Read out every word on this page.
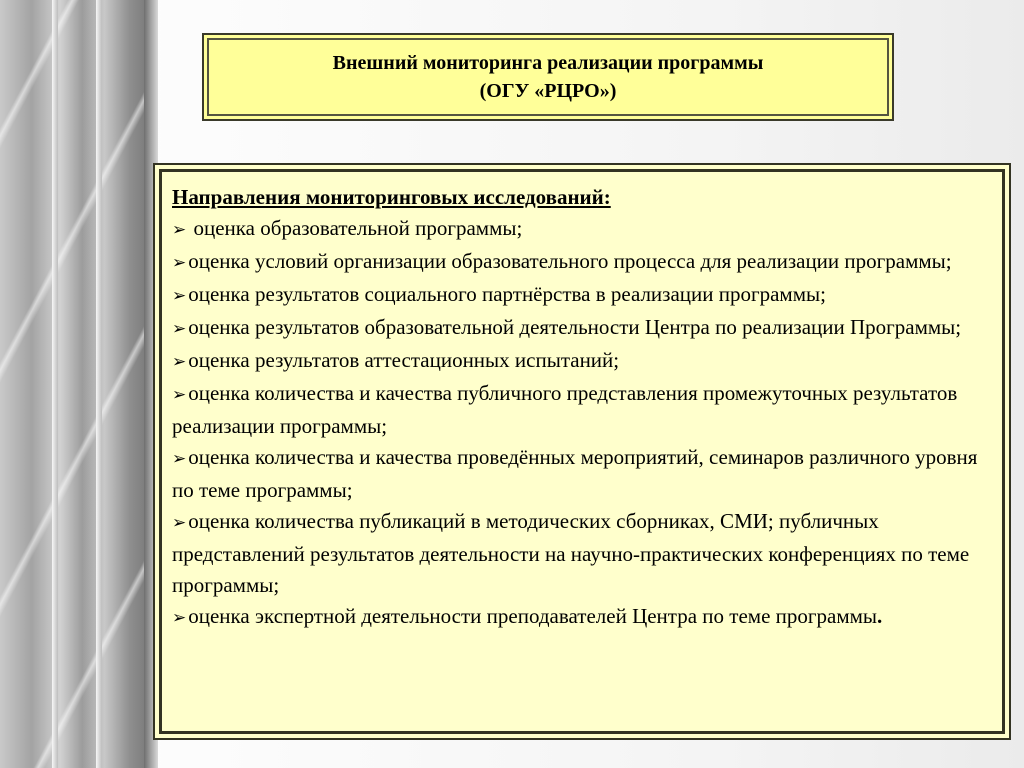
Внешний мониторинга реализации программы
(ОГУ «РЦРО»)
Направления мониторинговых исследований:
➢ оценка образовательной программы;
➢оценка условий организации образовательного процесса для реализации программы;
➢оценка результатов социального партнёрства в реализации программы;
➢оценка результатов образовательной деятельности Центра по реализации Программы;
➢оценка результатов аттестационных испытаний;
➢оценка количества и качества публичного представления промежуточных результатов реализации программы;
➢оценка количества и качества проведённых мероприятий, семинаров различного уровня по теме программы;
➢оценка количества публикаций в методических сборниках, СМИ; публичных представлений результатов деятельности на научно-практических конференциях по теме программы;
➢оценка экспертной деятельности преподавателей Центра по теме программы.
